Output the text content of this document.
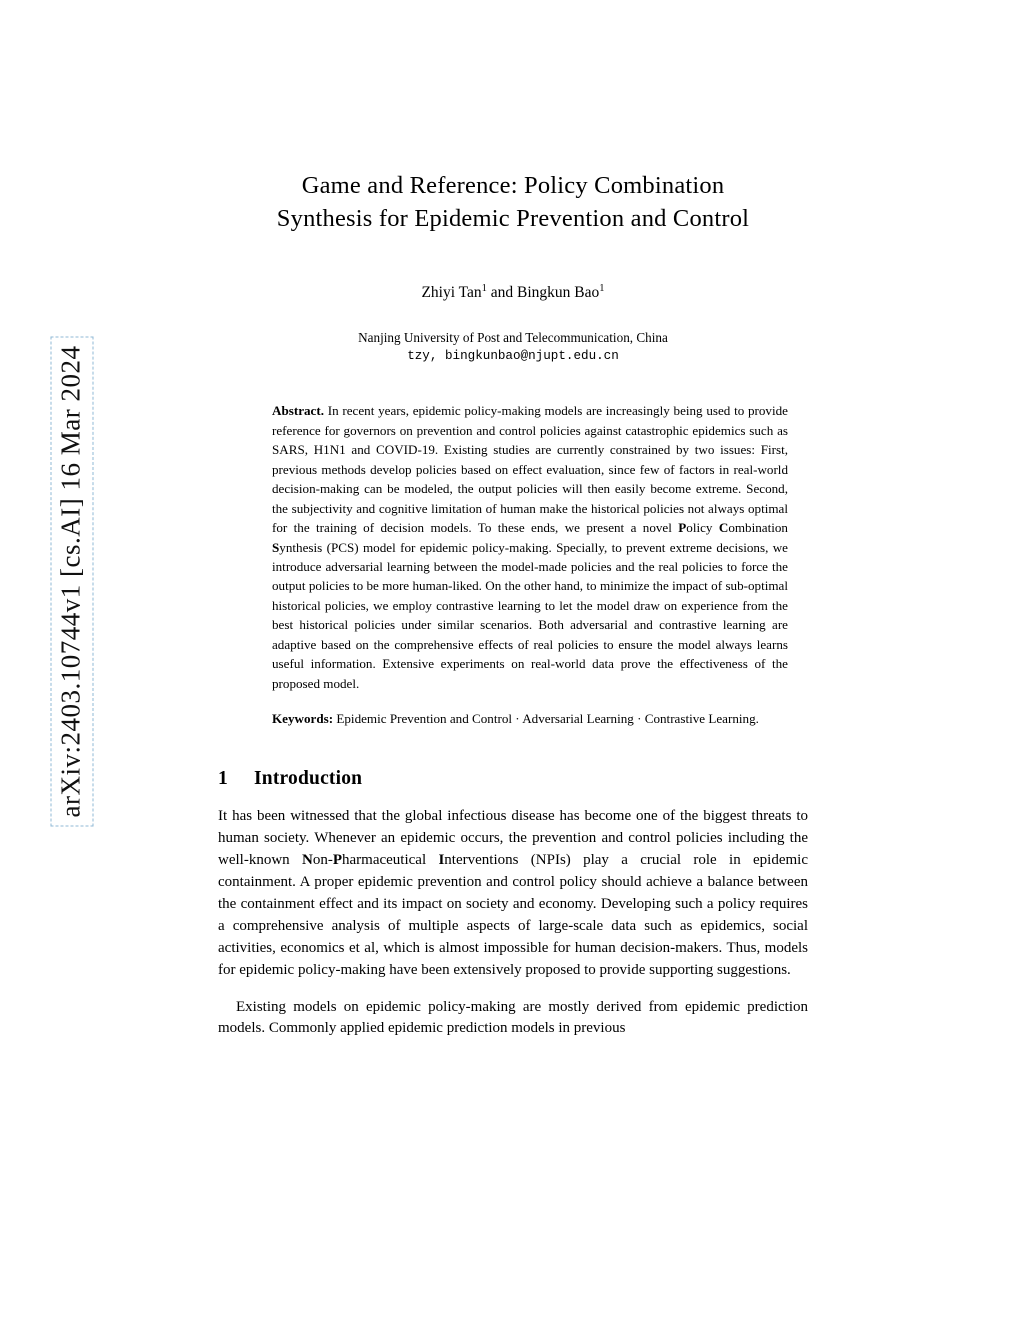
arXiv:2403.10744v1 [cs.AI] 16 Mar 2024
Game and Reference: Policy Combination
Synthesis for Epidemic Prevention and Control
Zhiyi Tan$^1$ and Bingkun Bao$^1$
Nanjing University of Post and Telecommunication, China
tzy, bingkunbao@njupt.edu.cn
Abstract. In recent years, epidemic policy-making models are increasingly being used to provide reference for governors on prevention and control policies against catastrophic epidemics such as SARS, H1N1 and COVID-19. Existing studies are currently constrained by two issues: First, previous methods develop policies based on effect evaluation, since few of factors in real-world decision-making can be modeled, the output policies will then easily become extreme. Second, the subjectivity and cognitive limitation of human make the historical policies not always optimal for the training of decision models. To these ends, we present a novel Policy Combination Synthesis (PCS) model for epidemic policy-making. Specially, to prevent extreme decisions, we introduce adversarial learning between the model-made policies and the real policies to force the output policies to be more human-liked. On the other hand, to minimize the impact of sub-optimal historical policies, we employ contrastive learning to let the model draw on experience from the best historical policies under similar scenarios. Both adversarial and contrastive learning are adaptive based on the comprehensive effects of real policies to ensure the model always learns useful information. Extensive experiments on real-world data prove the effectiveness of the proposed model.
Keywords: Epidemic Prevention and Control · Adversarial Learning · Contrastive Learning.
1 Introduction

It has been witnessed that the global infectious disease has become one of the biggest threats to human society. Whenever an epidemic occurs, the prevention and control policies including the well-known Non-Pharmaceutical Interventions (NPIs) play a crucial role in epidemic containment. A proper epidemic prevention and control policy should achieve a balance between the containment effect and its impact on society and economy. Developing such a policy requires a comprehensive analysis of multiple aspects of large-scale data such as epidemics, social activities, economics et al, which is almost impossible for human decision-makers. Thus, models for epidemic policy-making have been extensively proposed to provide supporting suggestions.

Existing models on epidemic policy-making are mostly derived from epidemic prediction models. Commonly applied epidemic prediction models in previous
